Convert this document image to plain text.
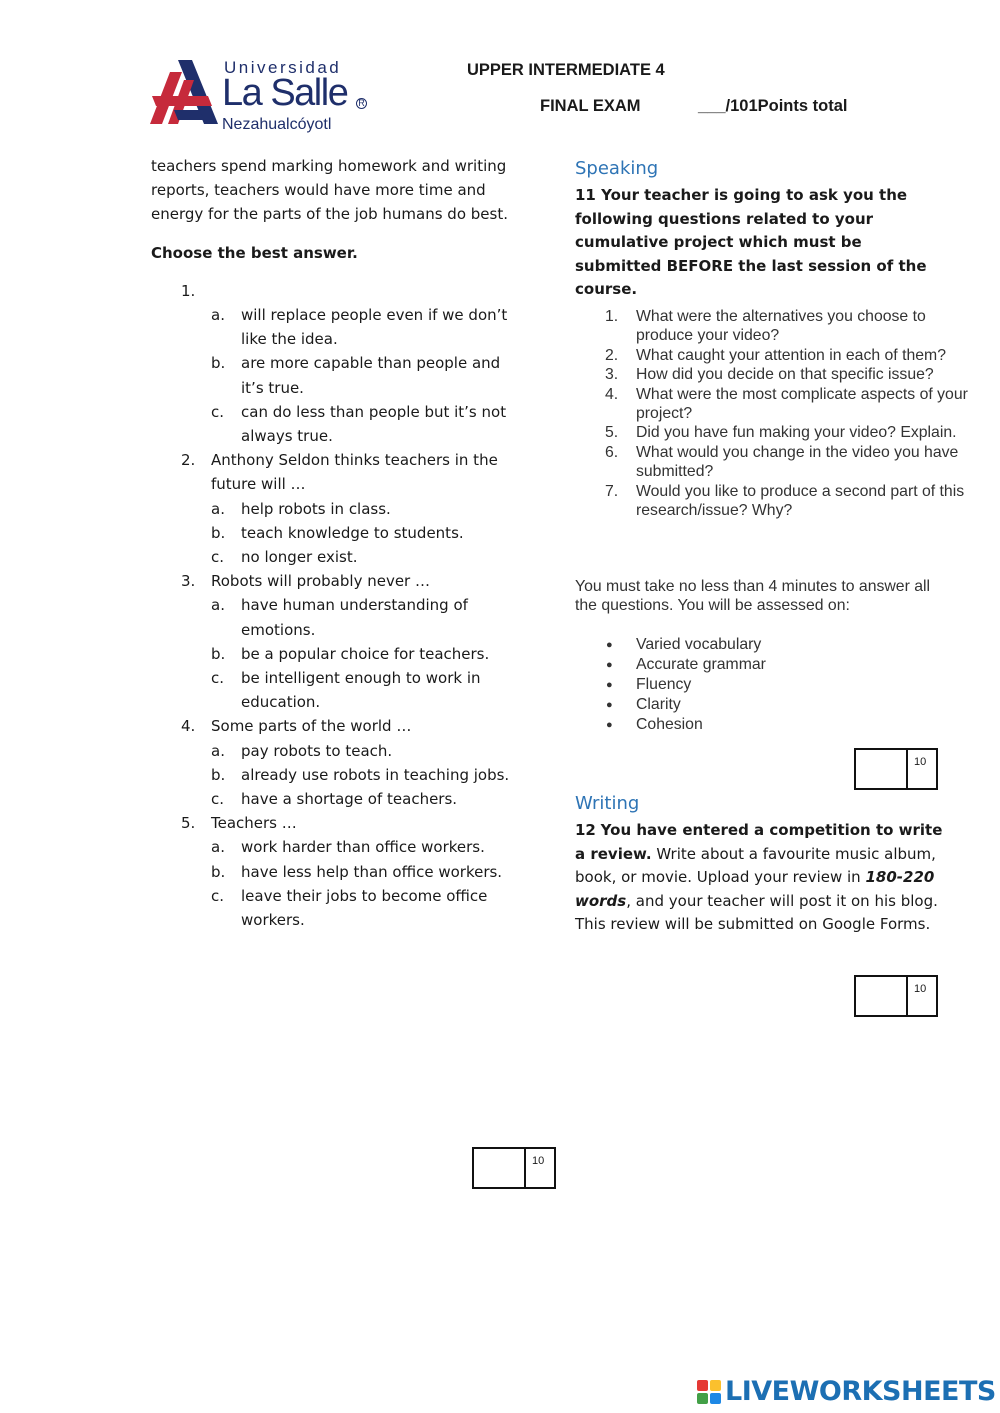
Universidad
La Salle R
Nezahualcóyotl
UPPER INTERMEDIATE 4
FINAL EXAM	___/101Points total

teachers spend marking homework and writing reports, teachers would have more time and energy for the parts of the job humans do best.

Choose the best answer.

1.

a. will replace people even if we don’t like the idea.
b. are more capable than people and it’s true.
c. can do less than people but it’s not always true.
2. Anthony Seldon thinks teachers in the future will …
a. help robots in class.
b. teach knowledge to students.
c. no longer exist.
3. Robots will probably never …
a. have human understanding of emotions.
b. be a popular choice for teachers.
c. be intelligent enough to work in education.
4. Some parts of the world …
a. pay robots to teach.
b. already use robots in teaching jobs.
c. have a shortage of teachers.
5. Teachers …
a. work harder than office workers.
b. have less help than office workers.
c. leave their jobs to become office workers.
Speaking
11 Your teacher is going to ask you the following questions related to your cumulative project which must be submitted BEFORE the last session of the course.
1. What were the alternatives you choose to produce your video?
2. What caught your attention in each of them?
3. How did you decide on that specific issue?
4. What were the most complicate aspects of your project?
5. Did you have fun making your video? Explain.
6. What would you change in the video you have submitted?
7. Would you like to produce a second part of this research/issue? Why?
You must take no less than 4 minutes to answer all the questions. You will be assessed on:
● Varied vocabulary
● Accurate grammar
● Fluency
● Clarity
● Cohesion
10
Writing
12 You have entered a competition to write a review. Write about a favourite music album, book, or movie. Upload your review in 180-220 words, and your teacher will post it on his blog. This review will be submitted on Google Forms.
10
10
LIVEWORKSHEETS
